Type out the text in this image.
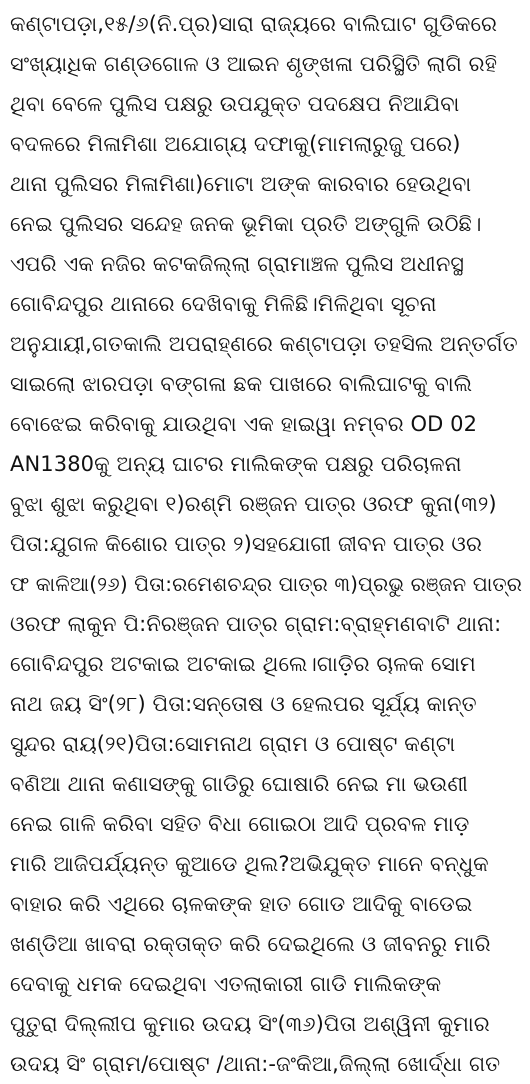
କଣ୍ଟାପଡ଼ା,୧୫/୬(ନି.ପ୍ର)ସାରା ରାଜ୍ୟରେ ବାଲିଘାଟ ଗୁଡିକରେ
ସଂଖ୍ୟାଧିକ ଗଣ୍ଡଗୋଳ ଓ ଆଇନ ଶୃଙ୍ଖଳା ପରିସ୍ଥିତି ଲାଗି ରହି
ଥିବା ବେଳେ ପୁଲିସ ପକ୍ଷରୁ ଉପଯୁକ୍ତ ପଦକ୍ଷେପ ନିଆଯିବା
ବଦଳରେ ମିଳାମିଶା ଅଯୋଗ୍ୟ ଦଫାକୁ(ମାମଲାରୁଜୁ ପରେ)
ଥାନା ପୁଲିସର ମିଳାମିଶା)ମୋଟା ଅଙ୍କ କାରବାର ହେଉଥିବା
ନେଇ ପୁଲିସର ସନ୍ଦେହ ଜନକ ଭୂମିକା ପ୍ରତି ଅଙ୍ଗୁଳି ଉଠିଛି।
ଏପରି ଏକ ନଜିର କଟକଜିଲ୍ଲା ଗ୍ରାମାଞ୍ଚଳ ପୁଲିସ ଅଧୀନସ୍ଥ
ଗୋବିନ୍ଦପୁର ଥାନାରେ ଦେଖିବାକୁ ମିଳିଛି।ମିଳିଥିବା ସୂଚନା
ଅନୁଯାୟୀ,ଗତକାଲି ଅପରାହ୍ଣରେ କଣ୍ଟାପଡ଼ା ତହସିଲ ଅନ୍ତର୍ଗତ
ସାଇଲୋ ଝାରପଡ଼ା ବଙ୍ଗଳା ଛକ ପାଖରେ ବାଲିଘାଟକୁ ବାଲି
ବୋଝେଇ କରିବାକୁ ଯାଉଥିବା ଏକ ହାଇୱା ନମ୍ବର OD 02
AN1380କୁ ଅନ୍ୟ ଘାଟର ମାଲିକଙ୍କ ପକ୍ଷରୁ ପରିଚାଳନା
ବୁଝା ଶୁଝା କରୁଥିବା ୧)ରଶ୍ମି ରଞ୍ଜନ ପାତ୍ର ଓରଫ କୁନା(୩୨)
ପିତା:ଯୁଗଳ କିଶୋର ପାତ୍ର ୨)ସହଯୋଗୀ ଜୀବନ ପାତ୍ର ଓର
ଫ କାଳିଆ(୨୬) ପିତା:ରମେଶଚନ୍ଦ୍ର ପାତ୍ର ୩)ପ୍ରଭୁ ରଞ୍ଜନ ପାତ୍ର
ଓରଫ ଲାକୁନ ପି:ନିରଞ୍ଜନ ପାତ୍ର ଗ୍ରାମ:ବ୍ରାହ୍ମଣବାଟି ଥାନା:
ଗୋବିନ୍ଦପୁର ଅଟକାଇ ଅଟକାଇ ଥିଲେ।ଗାଡ଼ିର ଚାଳକ ସୋମ
ନାଥ ଜୟ ସିଂ(୨୮) ପିତା:ସନ୍ତୋଷ ଓ ହେଲପର ସୂର୍ଯ୍ୟ କାନ୍ତ
ସୁନ୍ଦର ରାୟ(୨୧)ପିତା:ସୋମନାଥ ଗ୍ରାମ ଓ ପୋଷ୍ଟ କଣ୍ଟା
ବଣିଆ ଥାନା କଣାସଙ୍କୁ ଗାଡିରୁ ଘୋଷାରି ନେଇ ମା ଭଉଣୀ
ନେଇ ଗାଳି କରିବା ସହିତ ବିଧା ଗୋଇଠା ଆଦି ପ୍ରବଳ ମାଡ଼
ମାରି ଆଜିପର୍ଯ୍ୟନ୍ତ କୁଆଡେ ଥିଲ?ଅଭିଯୁକ୍ତ ମାନେ ବନ୍ଧୁକ
ବାହାର କରି ଏଥିରେ ଚାଳକଙ୍କ ହାତ ଗୋଡ ଆଦିକୁ ବାଡେଇ
ଖଣ୍ଡିଆ ଖାବରା ରକ୍ତାକ୍ତ କରି ଦେଇଥିଲେ ଓ ଜୀବନରୁ ମାରି
ଦେବାକୁ ଧମକ ଦେଇଥିବା ଏତଲାକାରୀ ଗାଡି ମାଲିକଙ୍କ
ପୁତୁରା ଦିଲ୍ଲୀପ କୁମାର ଉଦୟ ସିଂ(୩୬)ପିତା ଅଶ୍ୱିନୀ କୁମାର
ଉଦୟ ସିଂ ଗ୍ରାମ/ପୋଷ୍ଟ /ଥାନା:-ଜଂକିଆ,ଜିଲ୍ଲା ଖୋର୍ଦ୍ଧା ଗତ
